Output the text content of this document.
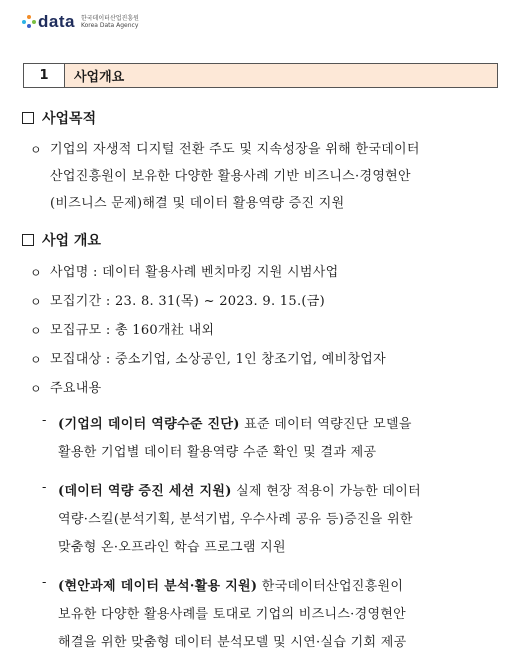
data 한국데이터산업진흥원
Korea Data Agency
1	사업개요
사업목적
ㅇ 기업의 자생적 디지털 전환 주도 및 지속성장을 위해 한국데이터
산업진흥원이 보유한 다양한 활용사례 기반 비즈니스·경영현안
(비즈니스 문제)해결 및 데이터 활용역량 증진 지원
사업 개요
ㅇ 사업명 : 데이터 활용사례 벤치마킹 지원 시범사업
ㅇ 모집기간 : 23. 8. 31(목) ~ 2023. 9. 15.(금)
ㅇ 모집규모 : 총 160개社 내외
ㅇ 모집대상 : 중소기업, 소상공인, 1인 창조기업, 예비창업자
ㅇ 주요내용
- (기업의 데이터 역량수준 진단) 표준 데이터 역량진단 모델을
활용한 기업별 데이터 활용역량 수준 확인 및 결과 제공
- (데이터 역량 증진 세션 지원) 실제 현장 적용이 가능한 데이터
역량·스킬(분석기획, 분석기법, 우수사례 공유 등)증진을 위한
맞춤형 온·오프라인 학습 프로그램 지원
- (현안과제 데이터 분석·활용 지원) 한국데이터산업진흥원이
보유한 다양한 활용사례를 토대로 기업의 비즈니스·경영현안
해결을 위한 맞춤형 데이터 분석모델 및 시연·실습 기회 제공
